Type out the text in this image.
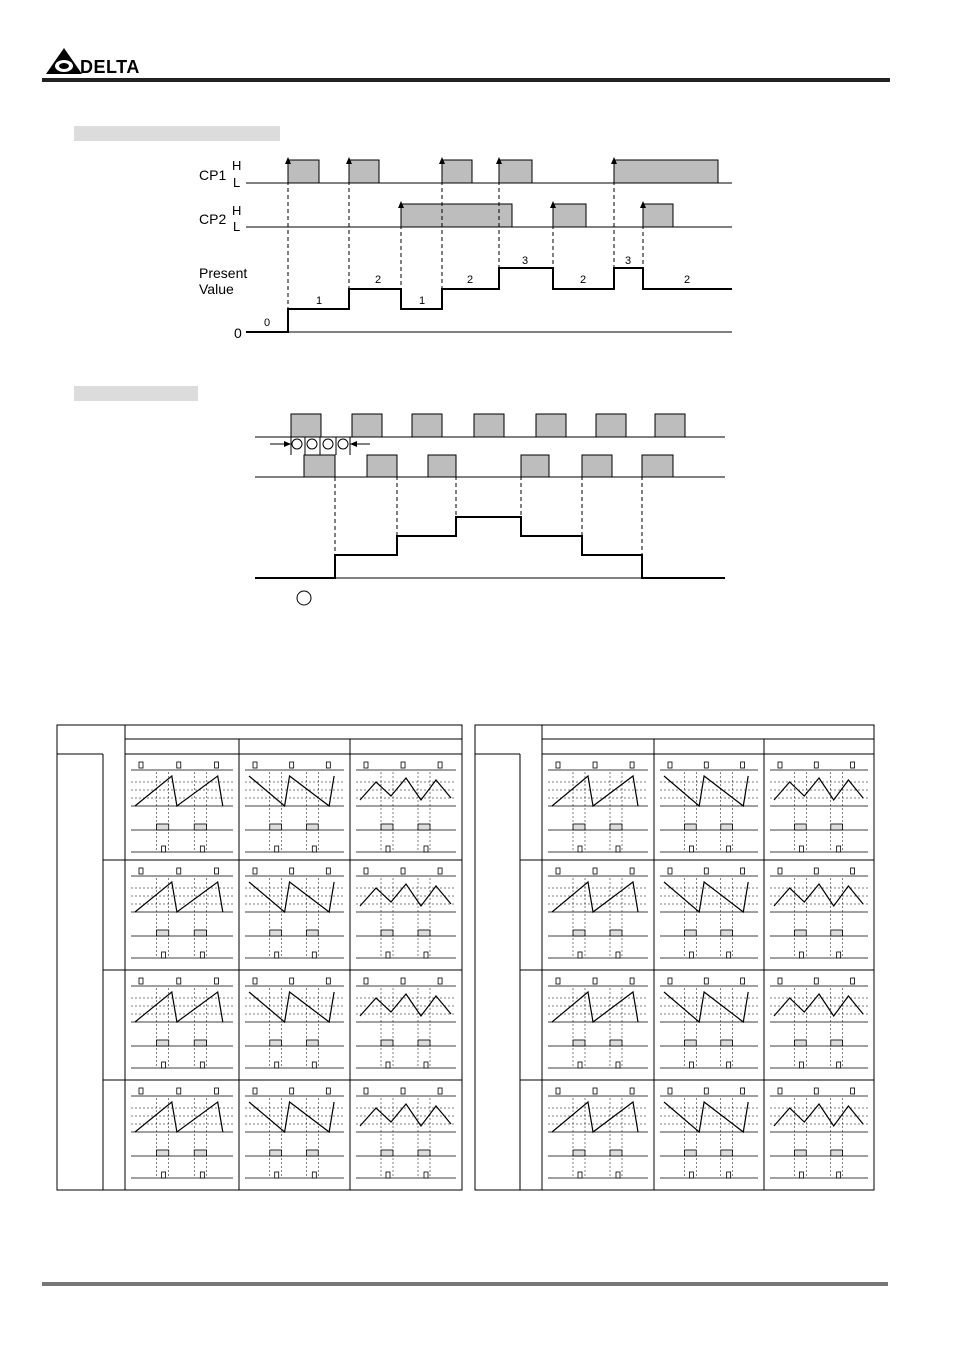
DELTA
CP1
H
L
CP2
H
L
Present
Value
0
0
1
2
1
2
3
2
3
2
